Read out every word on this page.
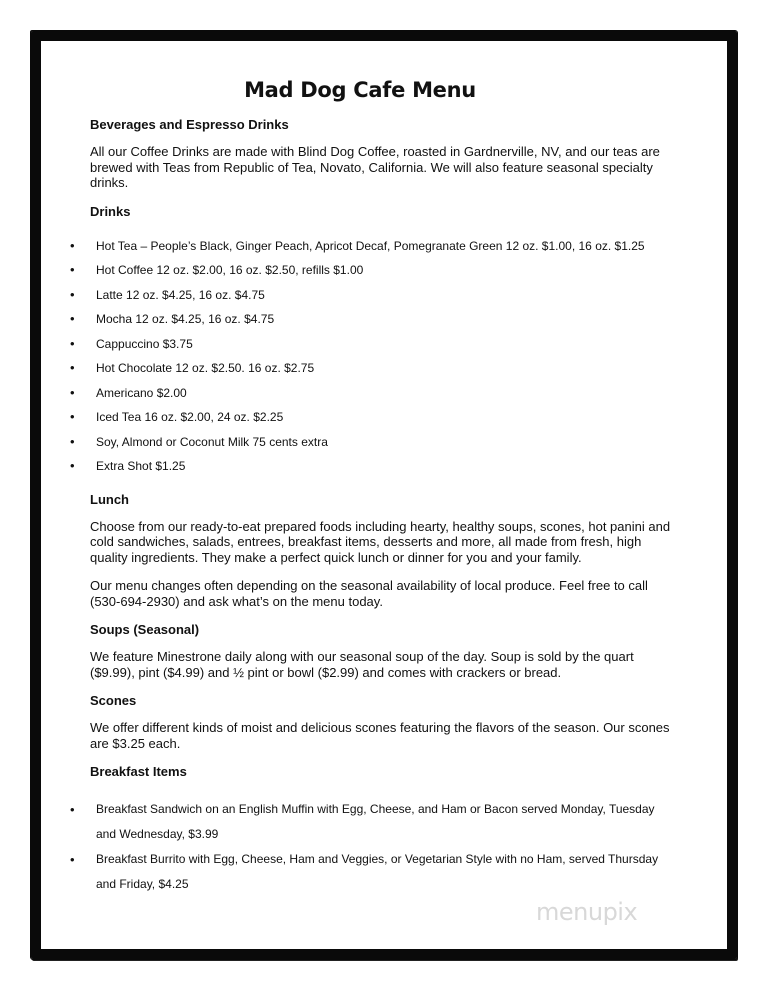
Mad Dog Cafe Menu
Beverages and Espresso Drinks

All our Coffee Drinks are made with Blind Dog Coffee, roasted in Gardnerville, NV, and our teas are brewed with Teas from Republic of Tea, Novato, California. We will also feature seasonal specialty drinks.

Drinks
• Hot Tea – People’s Black, Ginger Peach, Apricot Decaf, Pomegranate Green 12 oz. $1.00, 16 oz. $1.25
• Hot Coffee 12 oz. $2.00, 16 oz. $2.50, refills $1.00
• Latte 12 oz. $4.25, 16 oz. $4.75
• Mocha 12 oz. $4.25, 16 oz. $4.75
• Cappuccino $3.75
• Hot Chocolate 12 oz. $2.50. 16 oz. $2.75
• Americano $2.00
• Iced Tea 16 oz. $2.00, 24 oz. $2.25
• Soy, Almond or Coconut Milk 75 cents extra
• Extra Shot $1.25
Lunch

Choose from our ready-to-eat prepared foods including hearty, healthy soups, scones, hot panini and cold sandwiches, salads, entrees, breakfast items, desserts and more, all made from fresh, high quality ingredients. They make a perfect quick lunch or dinner for you and your family.

Our menu changes often depending on the seasonal availability of local produce. Feel free to call (530-694-2930) and ask what’s on the menu today.

Soups (Seasonal)

We feature Minestrone daily along with our seasonal soup of the day. Soup is sold by the quart ($9.99), pint ($4.99) and ½ pint or bowl ($2.99) and comes with crackers or bread.

Scones

We offer different kinds of moist and delicious scones featuring the flavors of the season. Our scones are $3.25 each.

Breakfast Items
• Breakfast Sandwich on an English Muffin with Egg, Cheese, and Ham or Bacon served Monday, Tuesday and Wednesday, $3.99
• Breakfast Burrito with Egg, Cheese, Ham and Veggies, or Vegetarian Style with no Ham, served Thursday and Friday, $4.25
menupix
